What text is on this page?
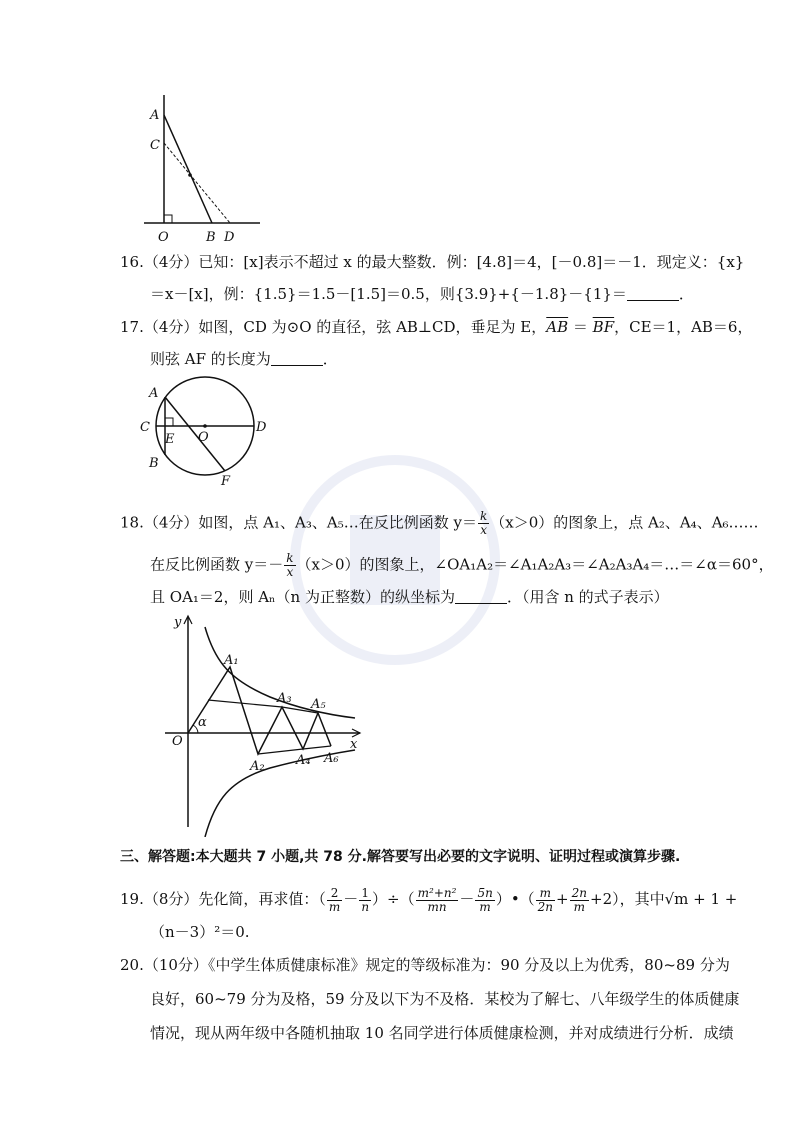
A
C
O	B D
16.（4分）已知：[x]表示不超过 x 的最大整数．例：[4.8]＝4，[－0.8]＝－1．现定义：{x}
＝x－[x]，例：{1.5}＝1.5－[1.5]＝0.5，则{3.9}+{－1.8}－{1}＝	．
17.（4分）如图，CD 为⊙O 的直径，弦 AB⊥CD，垂足为 E，$\overline{AB} = \overline{BF}$，CE＝1，AB＝6，
则弦 AF 的长度为	．
A
C
E O
D
B
F
18.（4分）如图，点 A₁、A₃、A₅…在反比例函数 $y= \frac{k}{x} (x>0)$的图象上，点 A₂、A₄、A₆……
在反比例函数 $y=- \frac{k}{x} (x>0)$的图象上，∠OA₁A₂＝∠A₁A₂A₃＝∠A₂A₃A₄＝…＝∠α＝60°，
且 OA₁＝2，则 Aₙ（n 为正整数）的纵坐标为	．（用含 n 的式子表示）
y
O	x
α
A₁
A₂
A₃
A₄
A₅
A₆
三、解答题:本大题共 7 小题,共 78 分.解答要写出必要的文字说明、证明过程或演算步骤.
19.（8分）先化简，再求值：（ $\frac{2}{m} - \frac{1}{n}$ ）÷（ $\frac{\text{m²+n²}}{mn} - \frac{5n}{m}$ ）•（ $\frac{m}{2n} + \frac{2n}{m} +2$），其中√m + 1 +
（n－3）²＝0.
20.（10分）《中学生体质健康标准》规定的等级标准为：90 分及以上为优秀，80~89 分为
良好，60~79 分为及格，59 分及以下为不及格．某校为了解七、八年级学生的体质健康
情况，现从两年级中各随机抽取 10 名同学进行体质健康检测，并对成绩进行分析．成绩
